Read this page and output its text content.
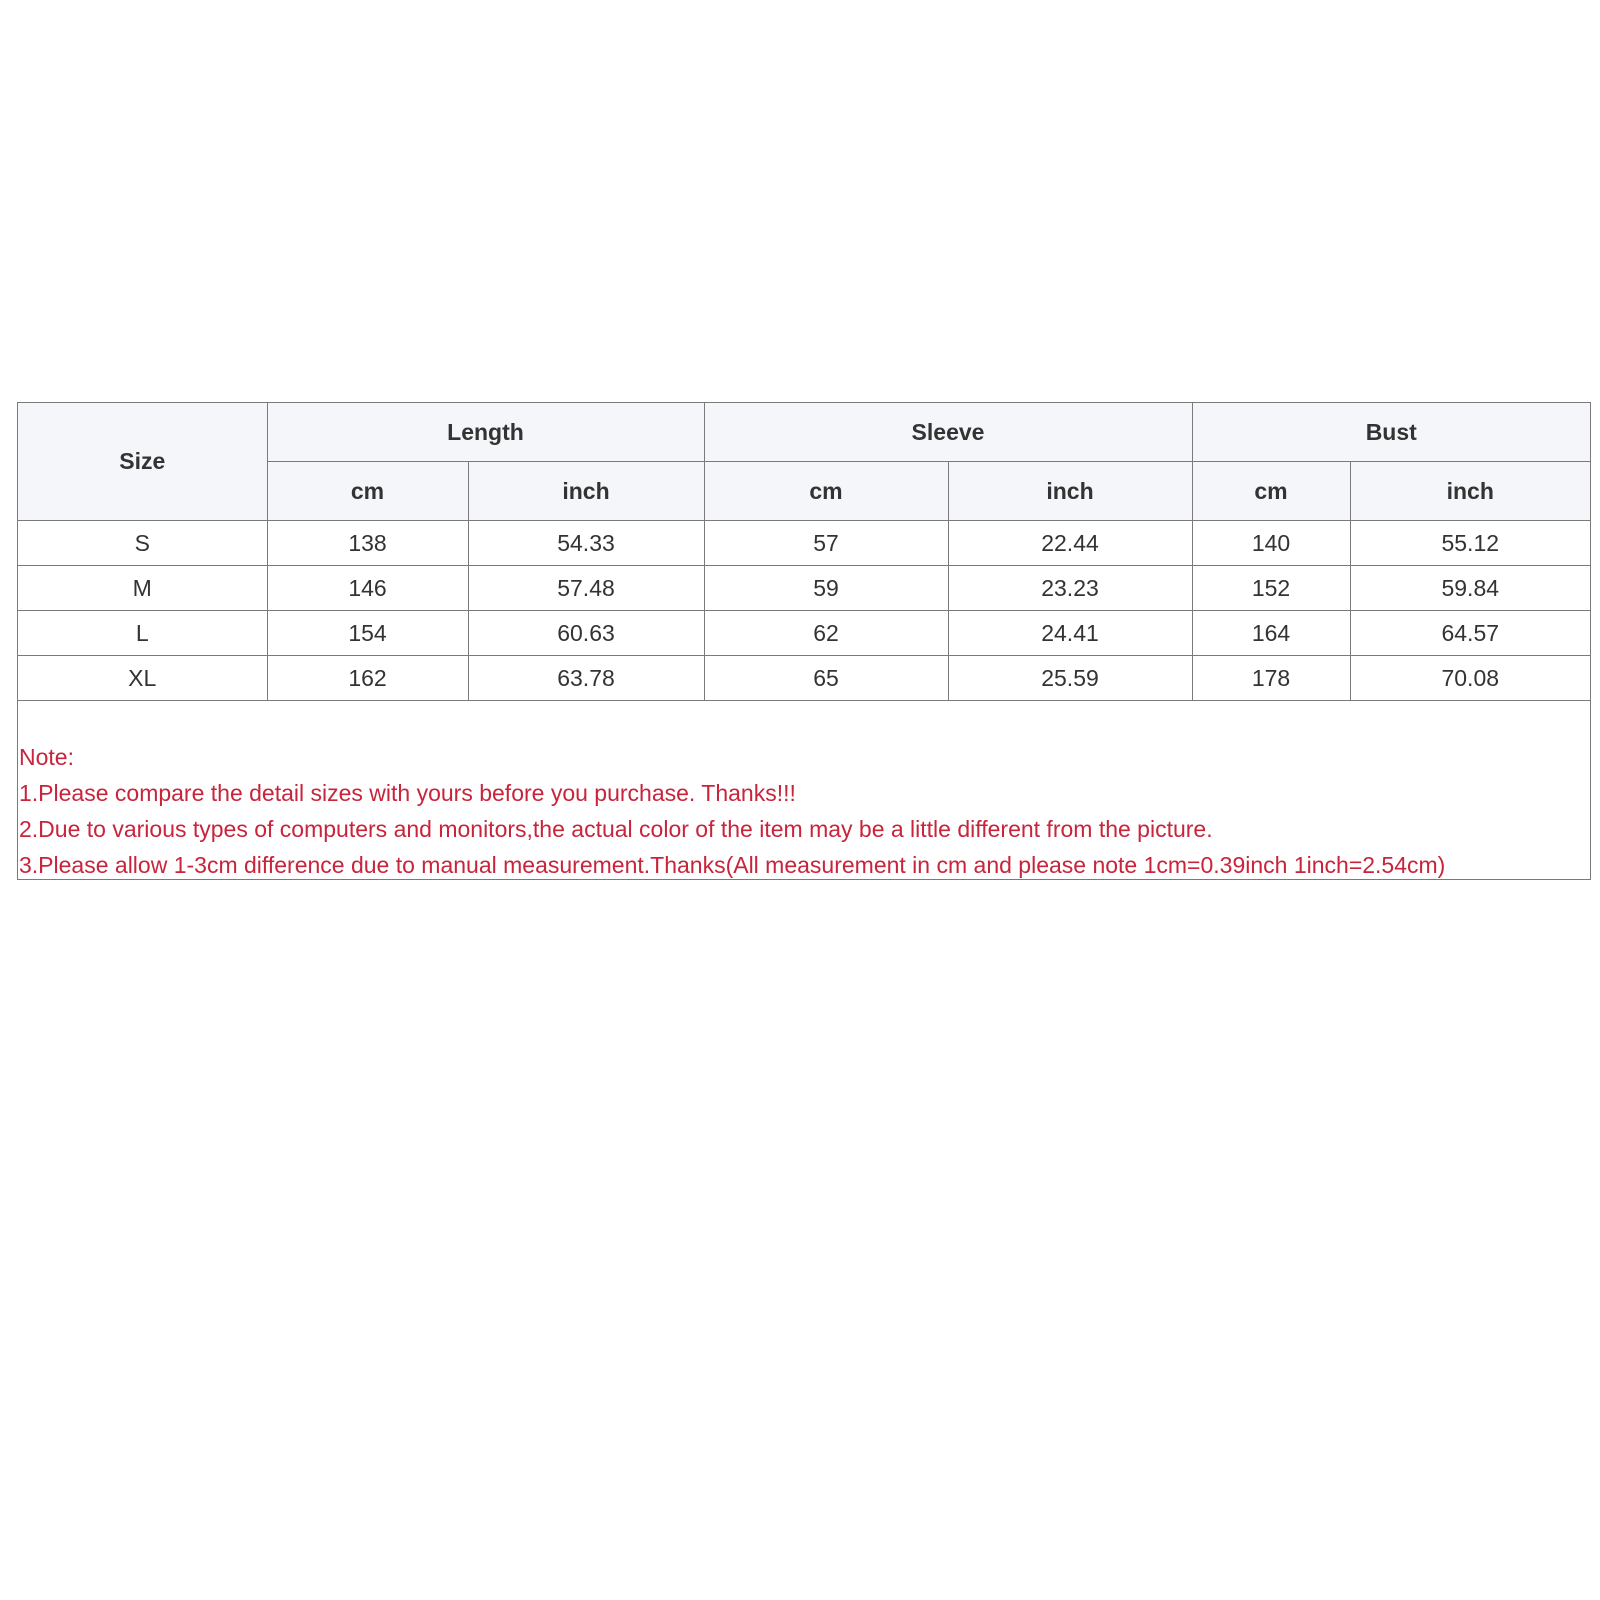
Size	Length		Sleeve		Bust	
	cm	inch	cm	inch	cm	inch
S	138	54.33	57	22.44	140	55.12
M	146	57.48	59	23.23	152	59.84
L	154	60.63	62	24.41	164	64.57
XL	162	63.78	65	25.59	178	70.08
Note:
1.Please compare the detail sizes with yours before you purchase. Thanks!!!
2.Due to various types of computers and monitors,the actual color of the item may be a little different from the picture.
3.Please allow 1-3cm difference due to manual measurement.Thanks(All measurement in cm and please note 1cm=0.39inch 1inch=2.54cm)
